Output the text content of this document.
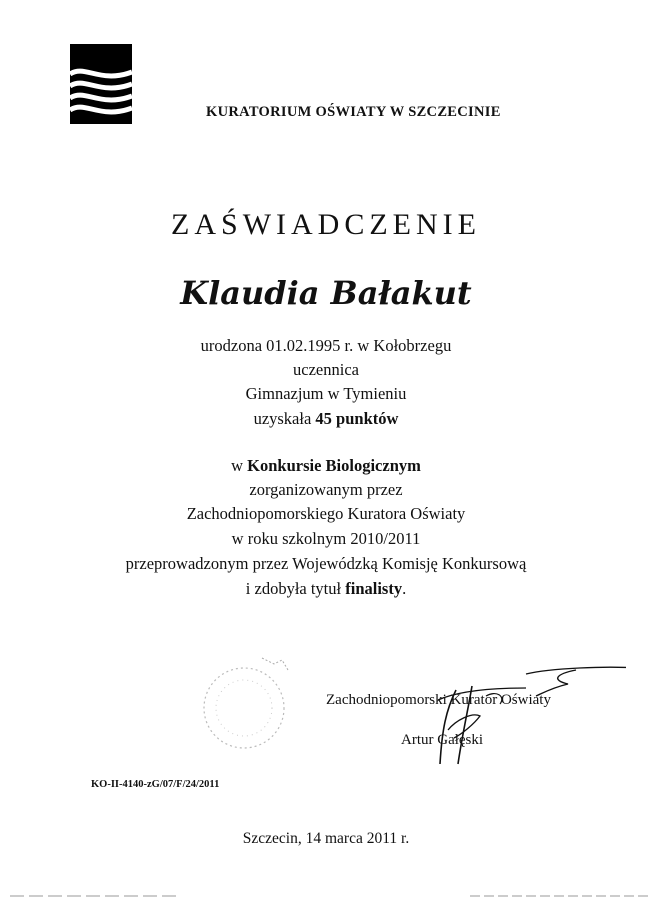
KURATORIUM OŚWIATY W SZCZECINIE
ZAŚWIADCZENIE
Klaudia Bałakut
urodzona 01.02.1995 r. w Kołobrzegu
uczennica
Gimnazjum w Tymieniu
uzyskała 45 punktów
w Konkursie Biologicznym
zorganizowanym przez
Zachodniopomorskiego Kuratora Oświaty
w roku szkolnym 2010/2011
przeprowadzonym przez Wojewódzką Komisję Konkursową
i zdobyła tytuł finalisty.
Zachodniopomorski Kurator Oświaty
Artur Gałęski
KO-II-4140-zG/07/F/24/2011
Szczecin, 14 marca 2011 r.
